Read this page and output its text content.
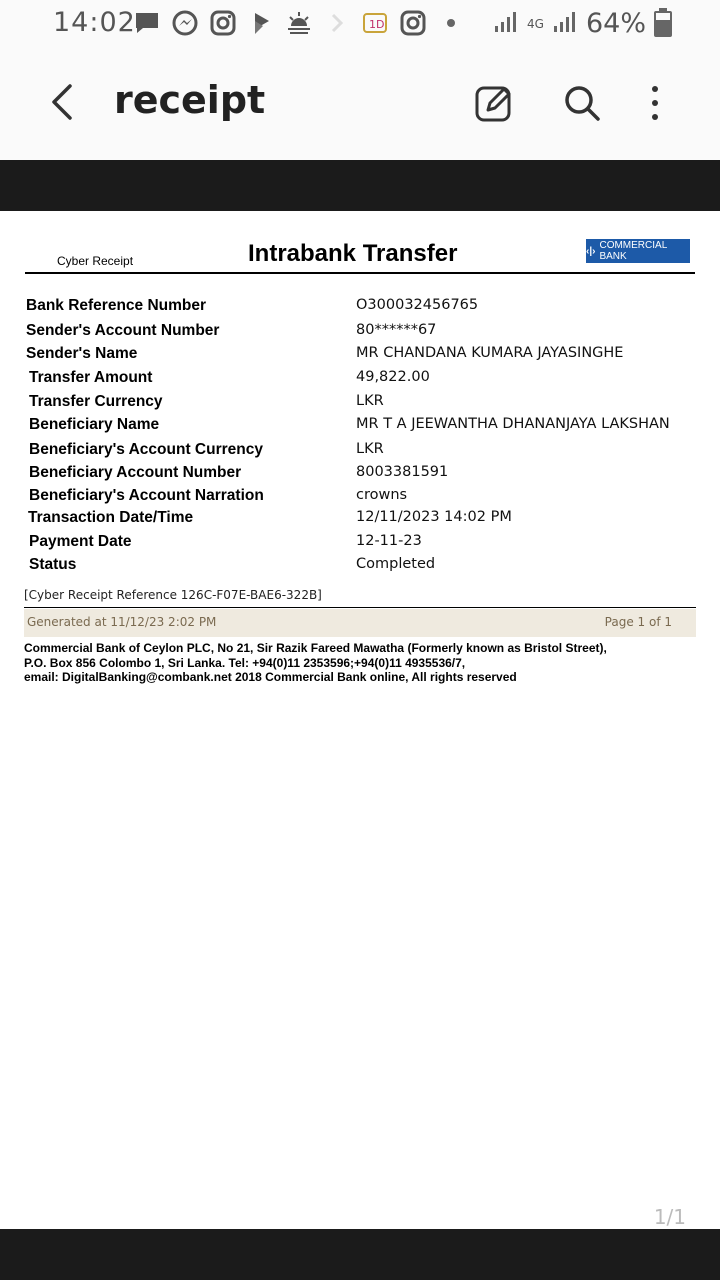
14:02	1D	4G 64%
receipt
Cyber Receipt	Intrabank Transfer	‹|› COMMERCIAL BANK
Bank Reference Number	O300032456765
Sender's Account Number	80******67
Sender's Name	MR CHANDANA KUMARA JAYASINGHE
Transfer Amount	49,822.00
Transfer Currency	LKR
Beneficiary Name	MR T A JEEWANTHA DHANANJAYA LAKSHAN
Beneficiary's Account Currency	LKR
Beneficiary Account Number	8003381591
Beneficiary's Account Narration	crowns
Transaction Date/Time	12/11/2023 14:02 PM
Payment Date	12-11-23
Status	Completed
[Cyber Receipt Reference 126C-F07E-BAE6-322B]
Generated at 11/12/23 2:02 PM	Page 1 of 1
Commercial Bank of Ceylon PLC, No 21, Sir Razik Fareed Mawatha (Formerly known as Bristol Street),
P.O. Box 856 Colombo 1, Sri Lanka. Tel: +94(0)11 2353596;+94(0)11 4935536/7,
email: DigitalBanking@combank.net 2018 Commercial Bank online, All rights reserved
1/1
